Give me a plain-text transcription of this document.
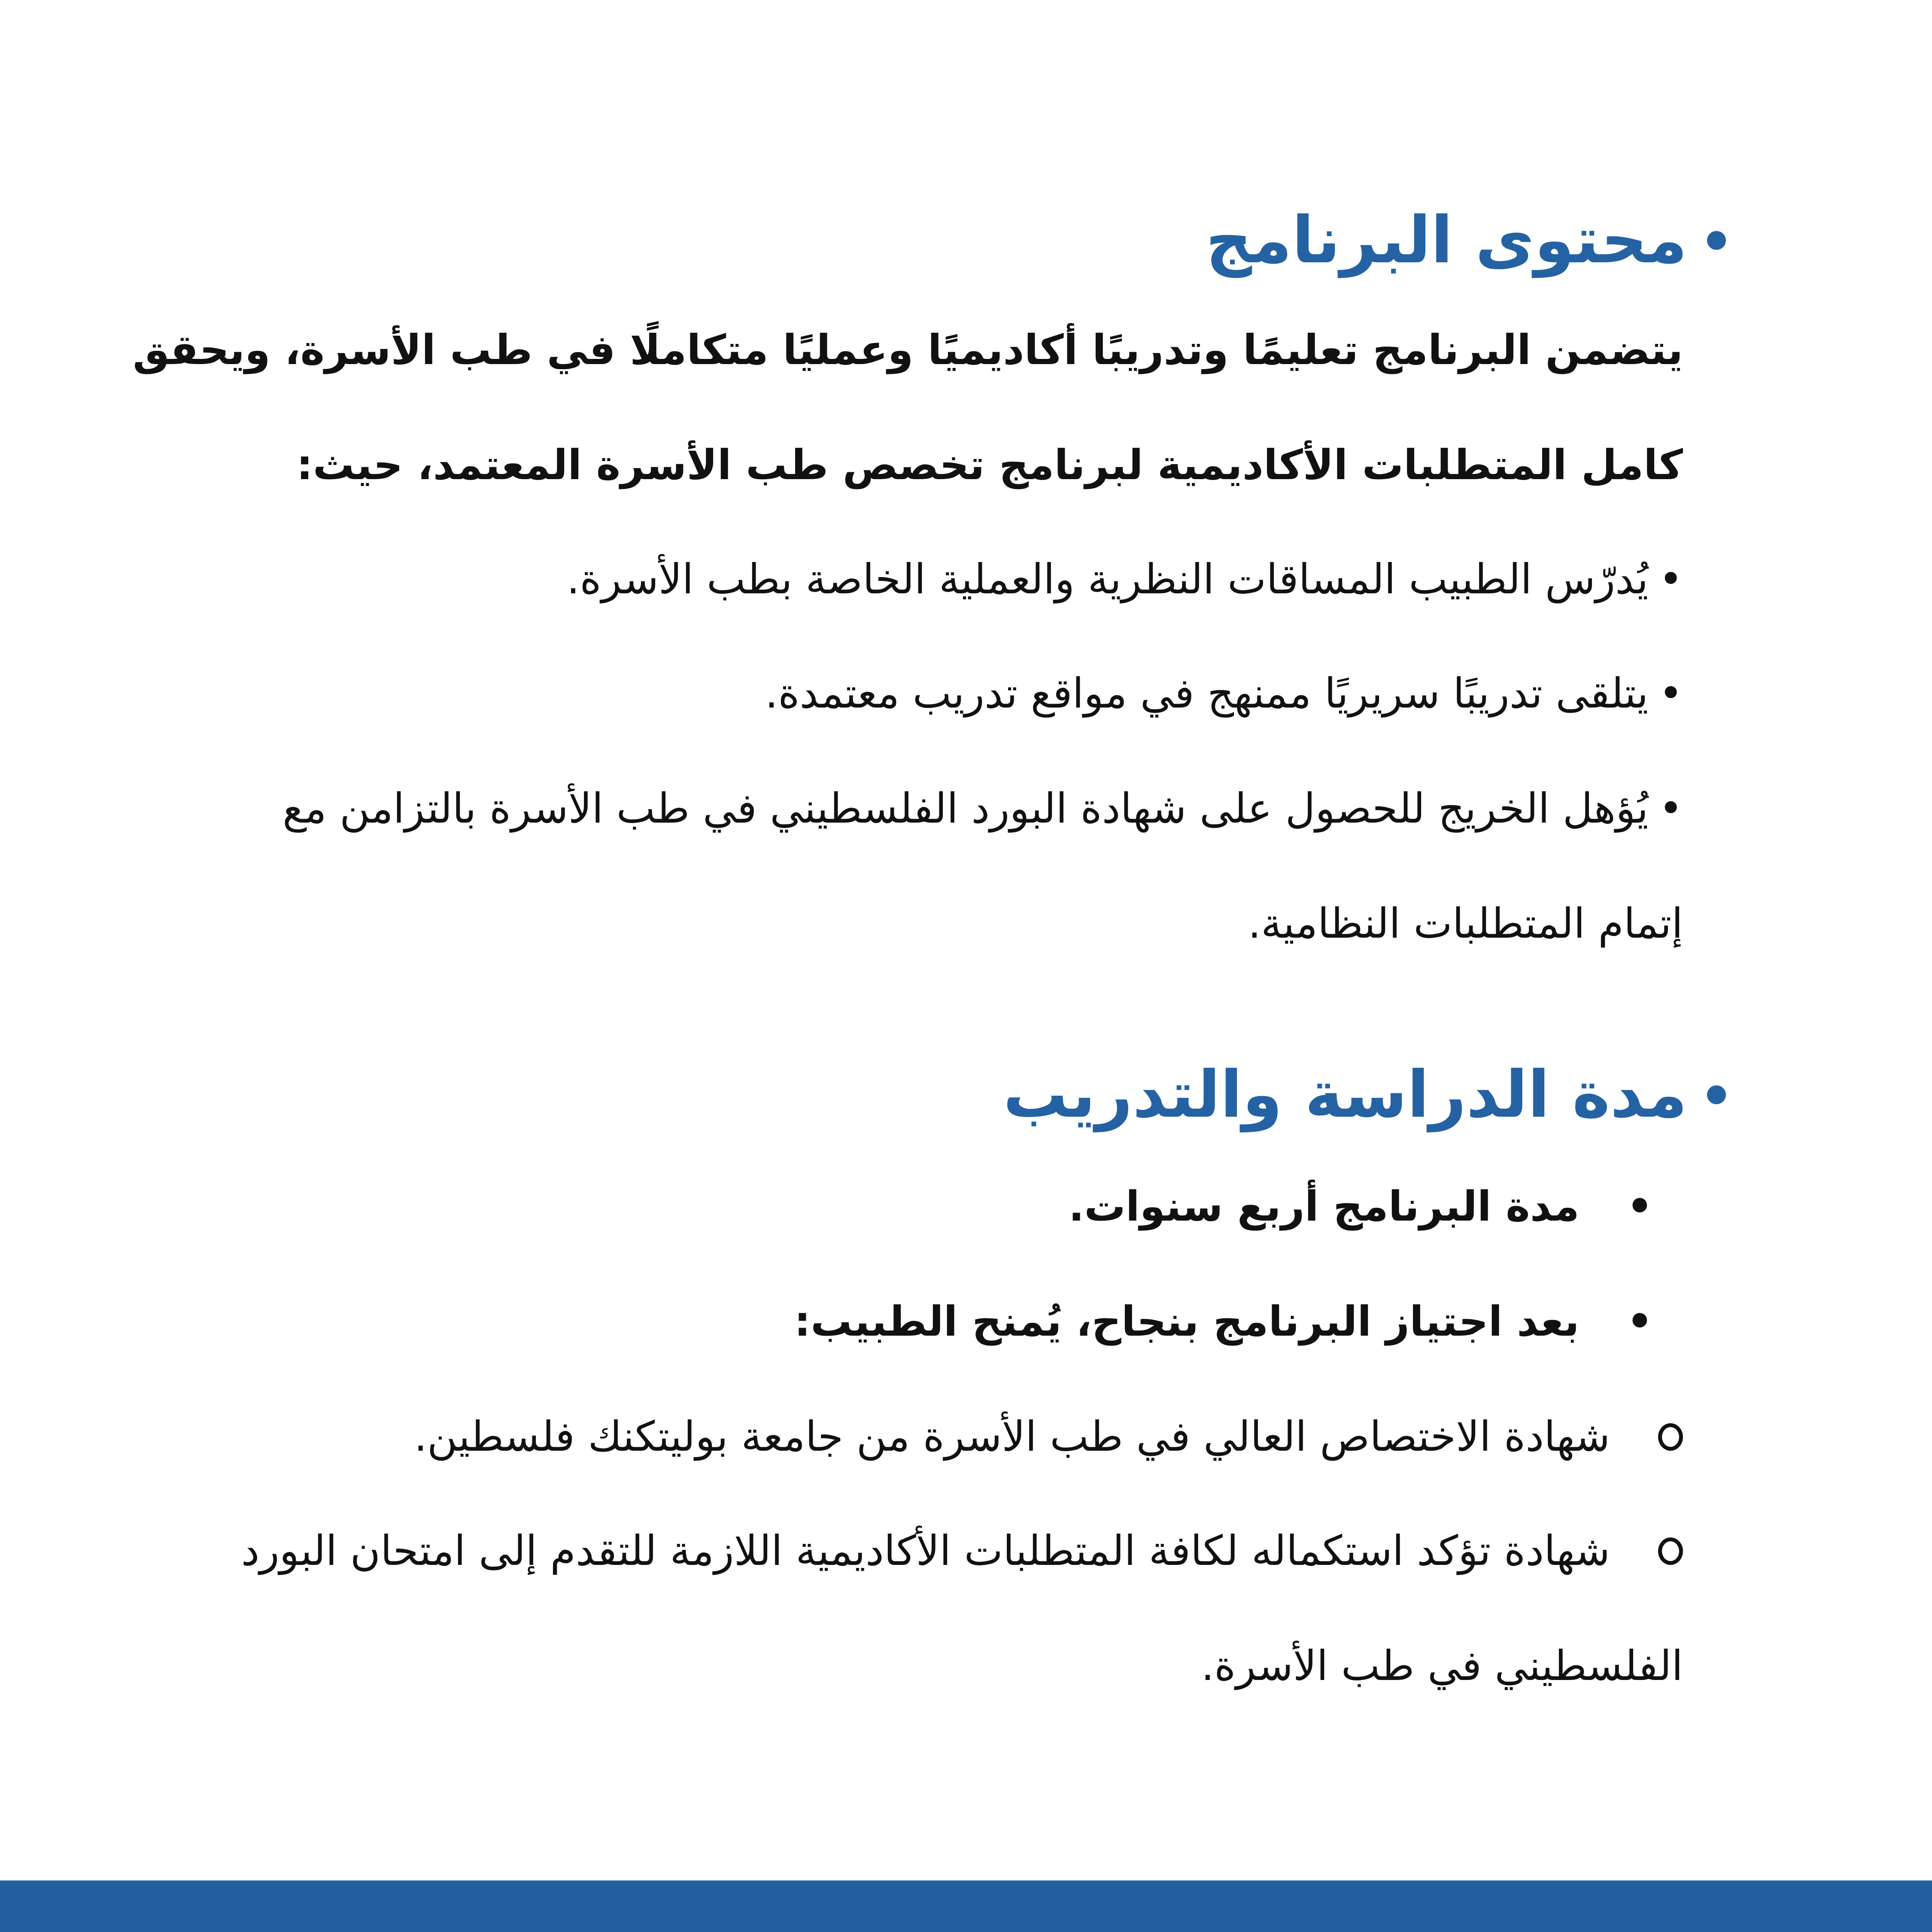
محتوى البرنامج

يتضمن البرنامج تعليمًا وتدريبًا أكاديميًا وعمليًا متكاملًا في طب الأسرة، ويحقق

كامل المتطلبات الأكاديمية لبرنامج تخصص طب الأسرة المعتمد، حيث:

•يُدرّس الطبيب المساقات النظرية والعملية الخاصة بطب الأسرة.

•يتلقى تدريبًا سريريًا ممنهج في مواقع تدريب معتمدة.

•يُؤهل الخريج للحصول على شهادة البورد الفلسطيني في طب الأسرة بالتزامن مع

إتمام المتطلبات النظامية.

مدة الدراسة والتدريب

•مدة البرنامج أربع سنوات.

•بعد اجتياز البرنامج بنجاح، يُمنح الطبيب:

شهادة الاختصاص العالي في طب الأسرة من جامعة بوليتكنك فلسطين.

شهادة تؤكد استكماله لكافة المتطلبات الأكاديمية اللازمة للتقدم إلى امتحان البورد

الفلسطيني في طب الأسرة.
